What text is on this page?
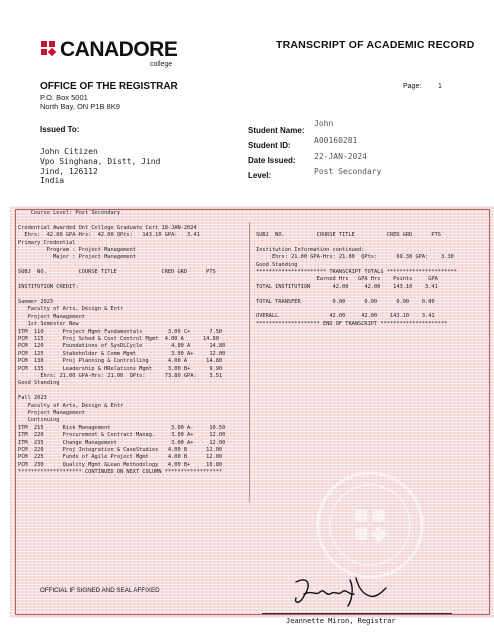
CANADORE
college
TRANSCRIPT OF ACADEMIC RECORD
OFFICE OF THE REGISTRAR
P.O. Box 5001
North Bay, ON P1B 8K9
Page: 1
Issued To:
John Citizen
Vpo Singhana, Distt, Jind
Jind, 126112
India
Student Name:
John
Student ID:
A00160281
Date Issued: 22-JAN-2024
Level:	Post Secondary
Course Level: Post Secondary

Credential Awarded Ont College Graduate Cert 18-JAN-2024
Ehrs:  42.00 GPA-Hrs:  42.00 QPts:   143.10 GPA:   3.41
Primary Credential
Program : Project Management
Major : Project Management

SUBJ  NO.          COURSE TITLE              CRED GRD      PTS

INSTITUTION CREDIT:

Summer 2023
Faculty of Arts, Design & Entr
Project Management
1st Semester New
ITM  110      Project Mgmt Fundamentals        3.00 C+      7.50
PCM  115      Proj Sched & Cost Control Mgmt  4.00 A      14.80
PCM  120      Foundations of SysDLCycle         4.00 A      14.80
PCM  125      Stakeholder & Comm Mgmt           3.00 A+     12.00
PCM  130      Proj Planning & Controlling      4.00 A      14.80
PCM  135      Leadership & HRelations Mgmt     3.00 B+      9.90
Ehrs: 21.00 GPA-Hrs: 21.00  QPts:      73.80 GPA:    3.51
Good Standing

Fall 2023
Faculty of Arts, Design & Entr
Project Management
Continuing
ITM  215      Risk Management                   3.00 A-     10.50
ITM  220      Procurement & Contract Manag.     3.00 A+     12.00
ITM  235      Change Management                 3.00 A+     12.00
PCM  220      Proj Integration & CaseStudies   4.00 B      12.00
PCM  225      Funds of Agile Project Mgmt      4.00 B      12.00
PCM  230      Quality Mgmt &Lean Methodology   4.00 B+     10.80
******************** CONTINUED ON NEXT COLUMN ******************
SUBJ  NO.          COURSE TITLE          CRED GRD      PTS

Institution Information continued:
Ehrs: 21.00 GPA-Hrs: 21.00  QPts:      69.30 GPA:    3.30
Good Standing
********************** TRANSCRIPT TOTALS **********************
Earned Hrs   GPA Hrs    Points     GPA
TOTAL INSTITUTION       42.00     42.00    143.10    3.41

TOTAL TRANSFER          0.00      0.00      0.00    0.00

OVERALL                42.00     42.00    143.10    3.41
******************** END OF TRANSCRIPT *********************
OFFICIAL IF SIGNED AND SEAL AFFIXED
Jeannette Miron, Registrar
